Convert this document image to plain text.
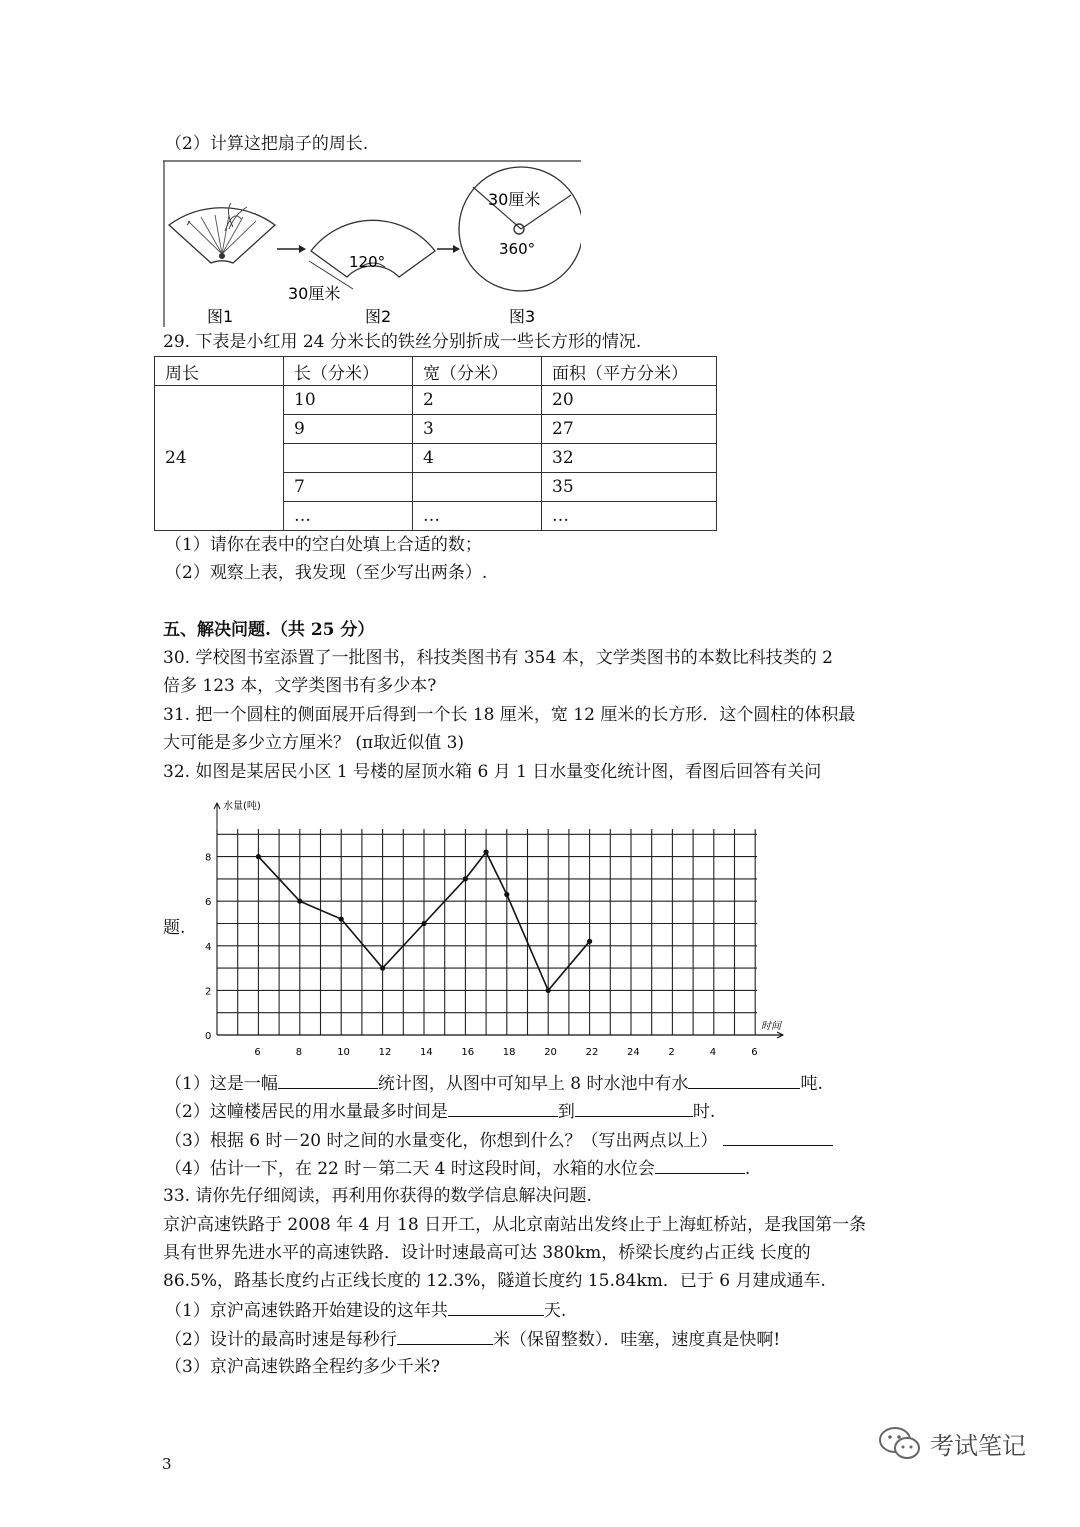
（2）计算这把扇子的周长.
120°
30厘米
30厘米
360°
图1	图2	图3
29. 下表是小红用 24 分米长的铁丝分别折成一些长方形的情况.
周长	长（分米）	宽（分米）	面积（平方分米）
24	10	2	20
	9	3	27
		4	32
	7		35
	…	…	…
（1）请你在表中的空白处填上合适的数；
（2）观察上表，我发现（至少写出两条）.
五、解决问题.（共 25 分）
30. 学校图书室添置了一批图书，科技类图书有 354 本，文学类图书的本数比科技类的 2
倍多 123 本，文学类图书有多少本?
31. 把一个圆柱的侧面展开后得到一个长 18 厘米，宽 12 厘米的长方形．这个圆柱的体积最
大可能是多少立方厘米？ (π取近似值 3)
32. 如图是某居民小区 1 号楼的屋顶水箱 6 月 1 日水量变化统计图，看图后回答有关问
题.
水量(吨)
时间
0
2
4
6
8
6	8	10	12	14	16	18	20	22	24	2	4	6
（1）这是一幅	统计图，从图中可知早上 8 时水池中有水	吨.
（2）这幢楼居民的用水量最多时间是	到	时.
（3）根据 6 时－20 时之间的水量变化，你想到什么？（写出两点以上）
（4）估计一下，在 22 时－第二天 4 时这段时间，水箱的水位会	.
33. 请你先仔细阅读，再利用你获得的数学信息解决问题.
京沪高速铁路于 2008 年 4 月 18 日开工，从北京南站出发终止于上海虹桥站，是我国第一条
具有世界先进水平的高速铁路．设计时速最高可达 380km，桥梁长度约占正线 长度的
86.5%，路基长度约占正线长度的 12.3%，隧道长度约 15.84km．已于 6 月建成通车.
（1）京沪高速铁路开始建设的这年共	天.
（2）设计的最高时速是每秒行	米（保留整数）．哇塞，速度真是快啊!
（3）京沪高速铁路全程约多少千米?
3
考试笔记
